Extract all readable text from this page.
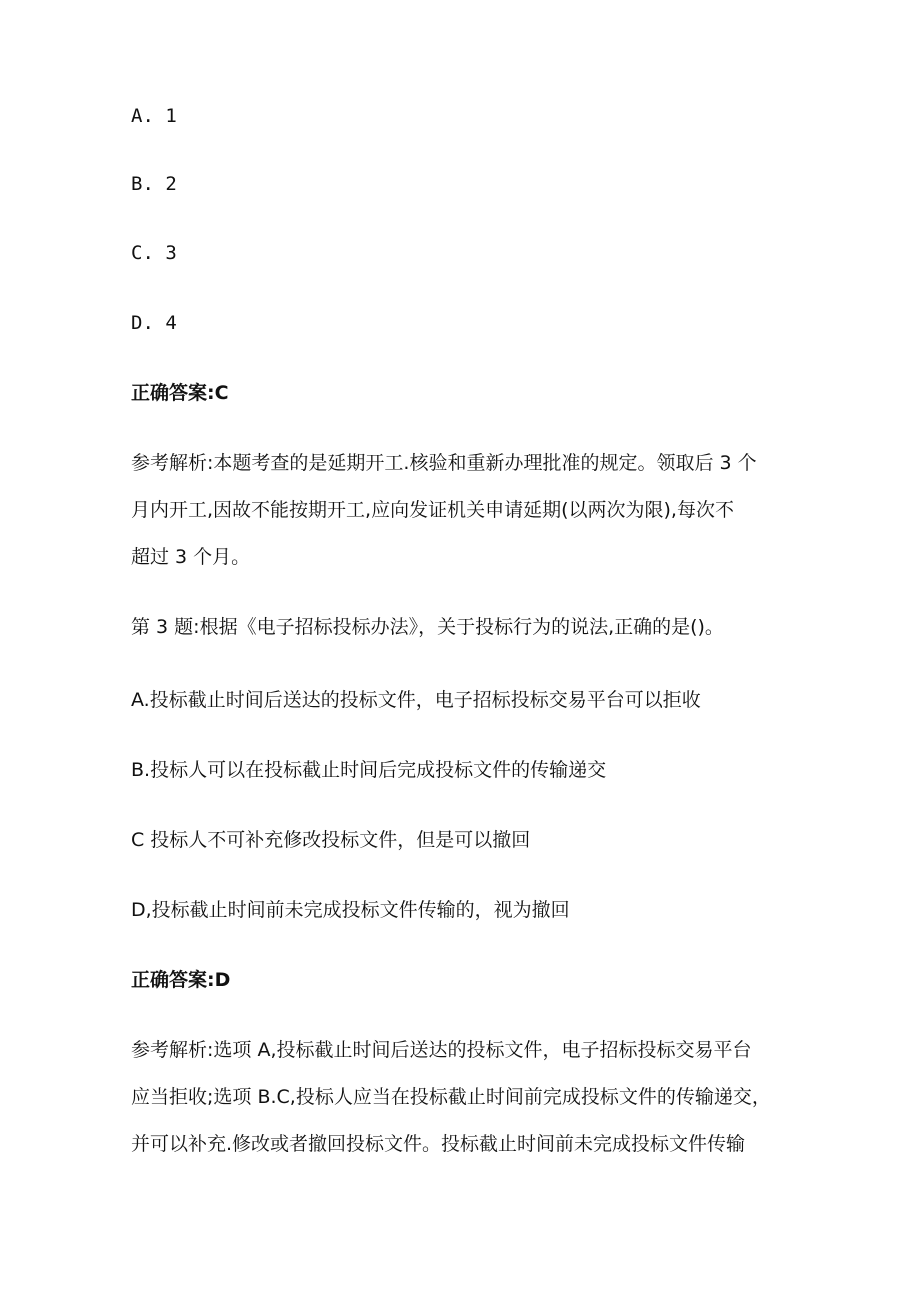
A. 1
B. 2
C. 3
D. 4
正确答案:C
参考解析:本题考查的是延期开工.核验和重新办理批准的规定。领取后 3 个
月内开工,因故不能按期开工,应向发证机关申请延期(以两次为限),每次不
超过 3 个月。
第 3 题:根据《电子招标投标办法》，关于投标行为的说法,正确的是()。
A.投标截止时间后送达的投标文件，电子招标投标交易平台可以拒收
B.投标人可以在投标截止时间后完成投标文件的传输递交
C 投标人不可补充修改投标文件，但是可以撤回
D,投标截止时间前未完成投标文件传输的，视为撤回
正确答案:D
参考解析:选项 A,投标截止时间后送达的投标文件，电子招标投标交易平台
应当拒收;选项 B.C,投标人应当在投标截止时间前完成投标文件的传输递交，
并可以补充.修改或者撤回投标文件。投标截止时间前未完成投标文件传输
